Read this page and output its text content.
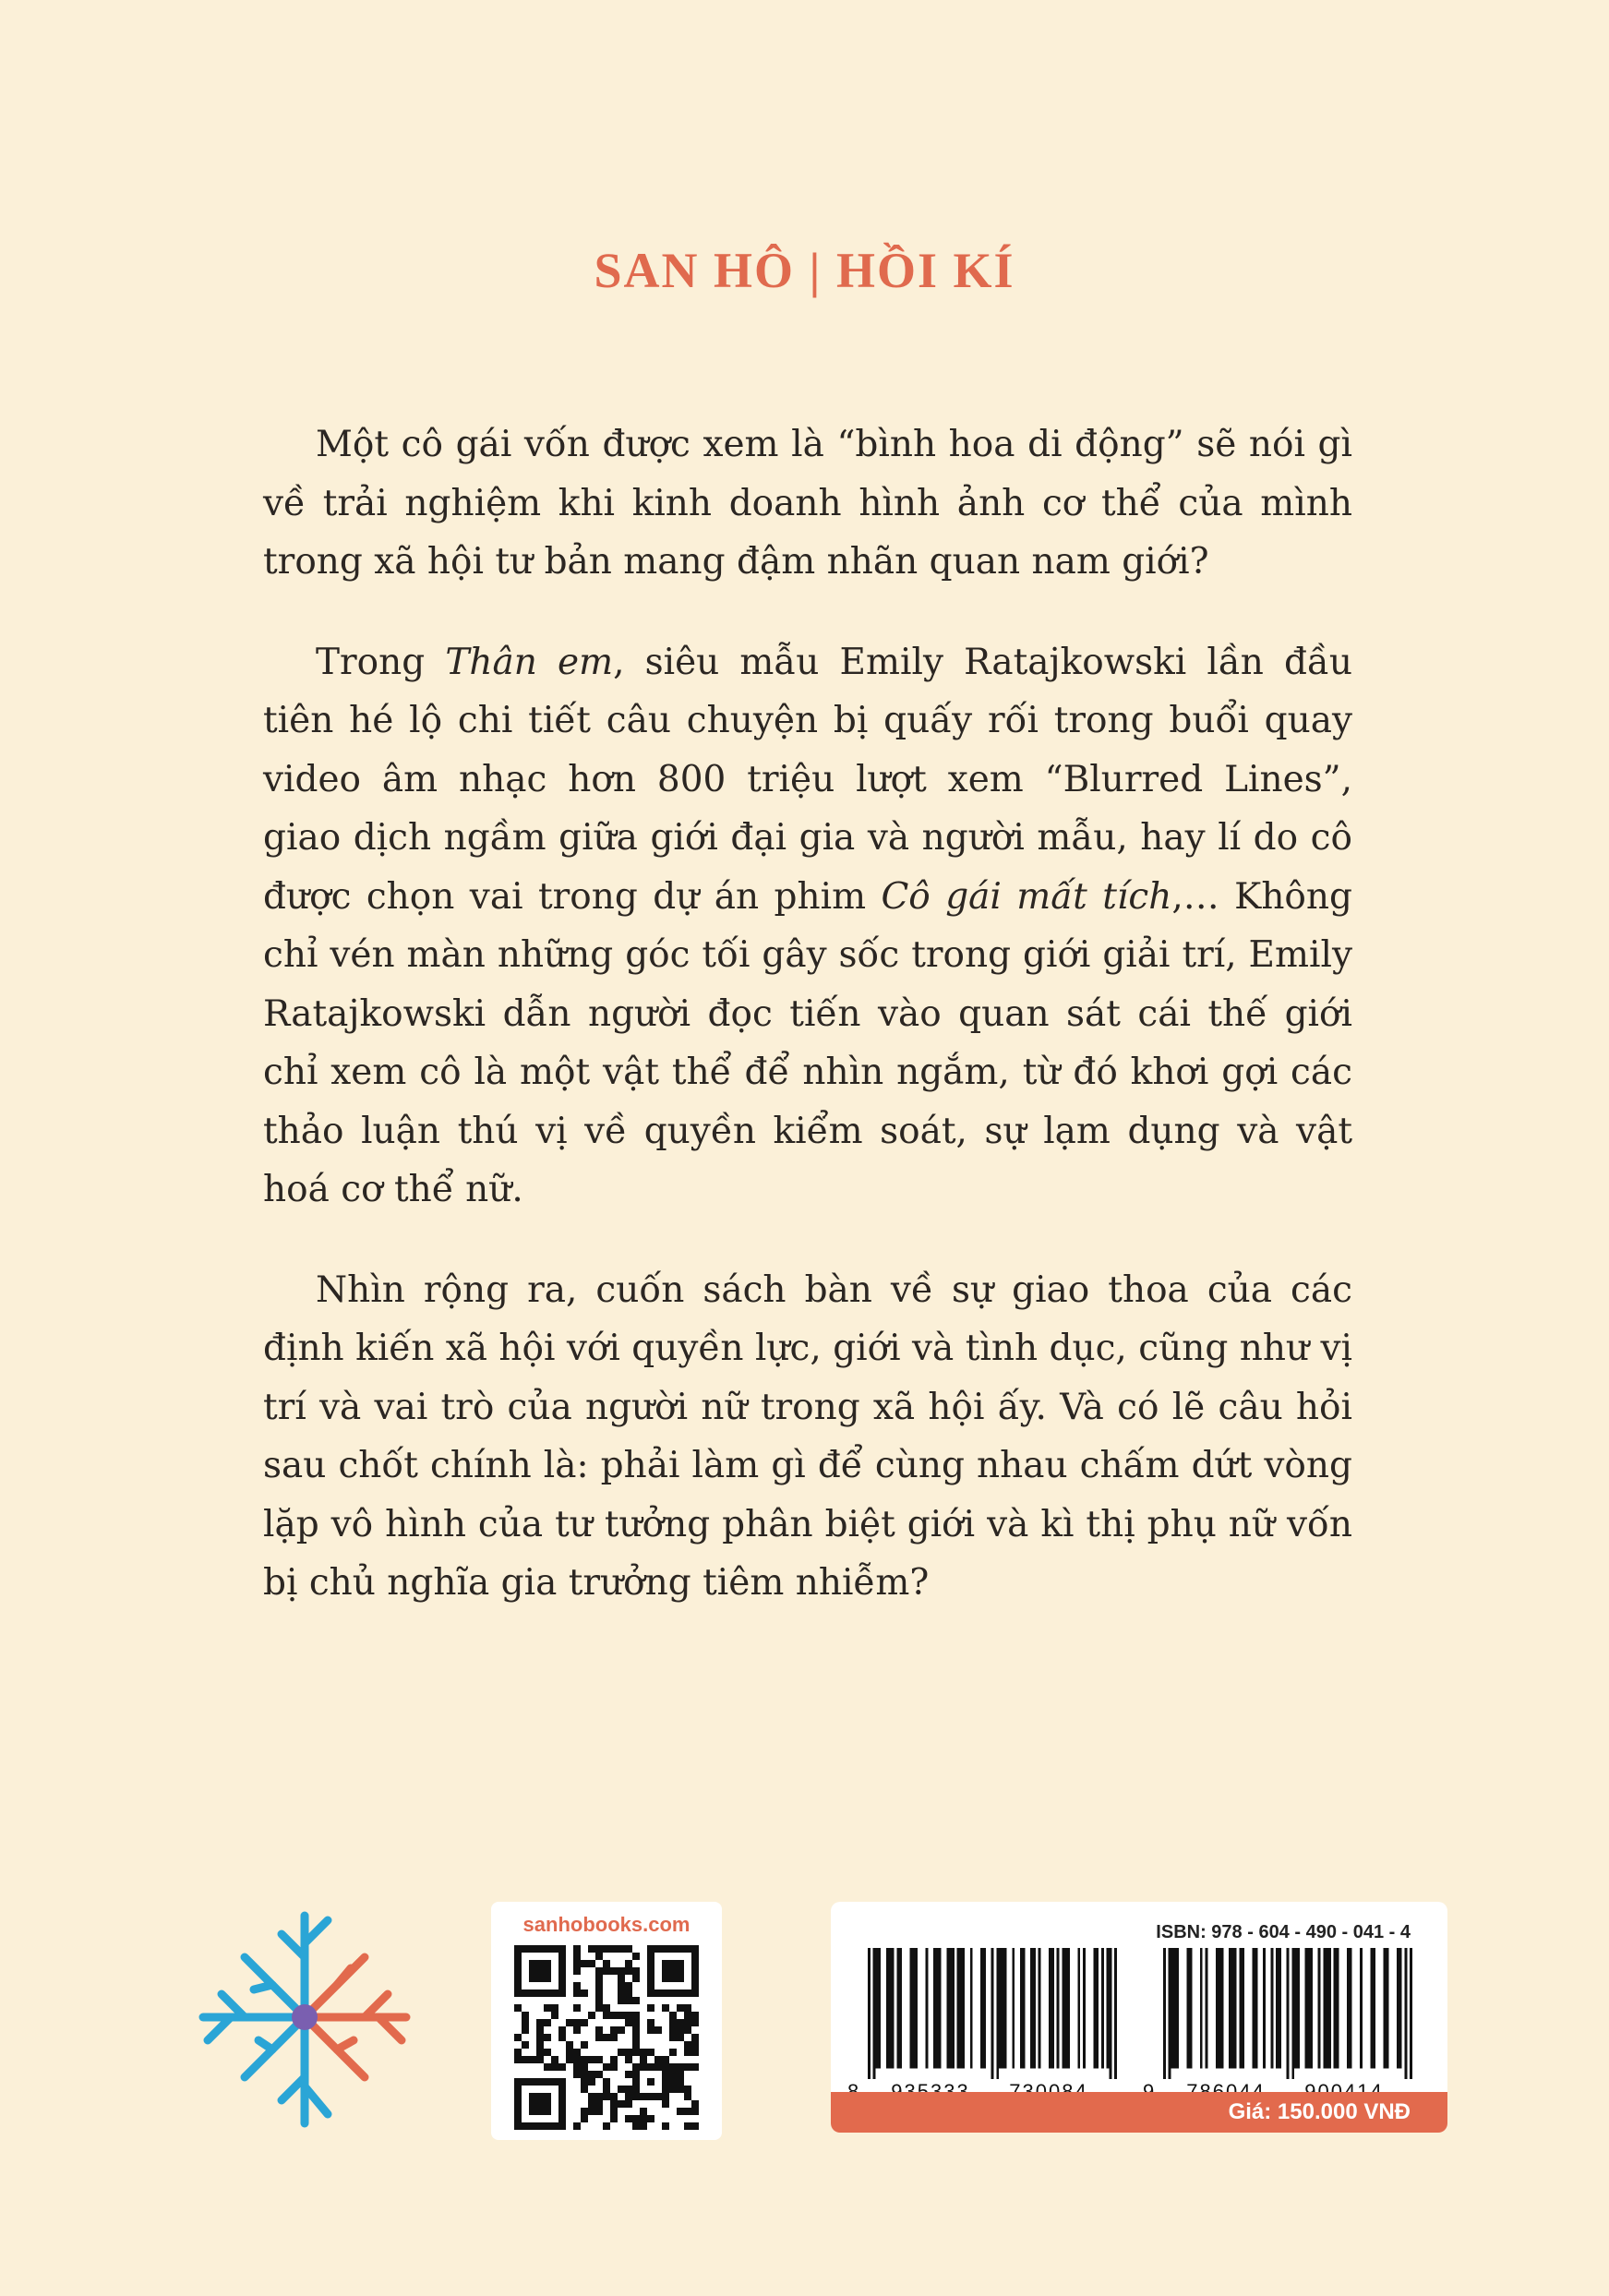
SAN HÔ | HỒI KÍ

Một cô gái vốn được xem là “bình hoa di động” sẽ nói gì về trải nghiệm khi kinh doanh hình ảnh cơ thể của mình trong xã hội tư bản mang đậm nhãn quan nam giới?

Trong Thân em, siêu mẫu Emily Ratajkowski lần đầu tiên hé lộ chi tiết câu chuyện bị quấy rối trong buổi quay video âm nhạc hơn 800 triệu lượt xem “Blurred Lines”, giao dịch ngầm giữa giới đại gia và người mẫu, hay lí do cô được chọn vai trong dự án phim Cô gái mất tích,… Không chỉ vén màn những góc tối gây sốc trong giới giải trí, Emily Ratajkowski dẫn người đọc tiến vào quan sát cái thế giới chỉ xem cô là một vật thể để nhìn ngắm, từ đó khơi gợi các thảo luận thú vị về quyền kiểm soát, sự lạm dụng và vật hoá cơ thể nữ.

Nhìn rộng ra, cuốn sách bàn về sự giao thoa của các định kiến xã hội với quyền lực, giới và tình dục, cũng như vị trí và vai trò của người nữ trong xã hội ấy. Và có lẽ câu hỏi sau chốt chính là: phải làm gì để cùng nhau chấm dứt vòng lặp vô hình của tư tưởng phân biệt giới và kì thị phụ nữ vốn bị chủ nghĩa gia trưởng tiêm nhiễm?

sanhobooks.com	ISBN: 978 - 604 - 490 - 041 - 4
Giá: 150.000 VNĐ
